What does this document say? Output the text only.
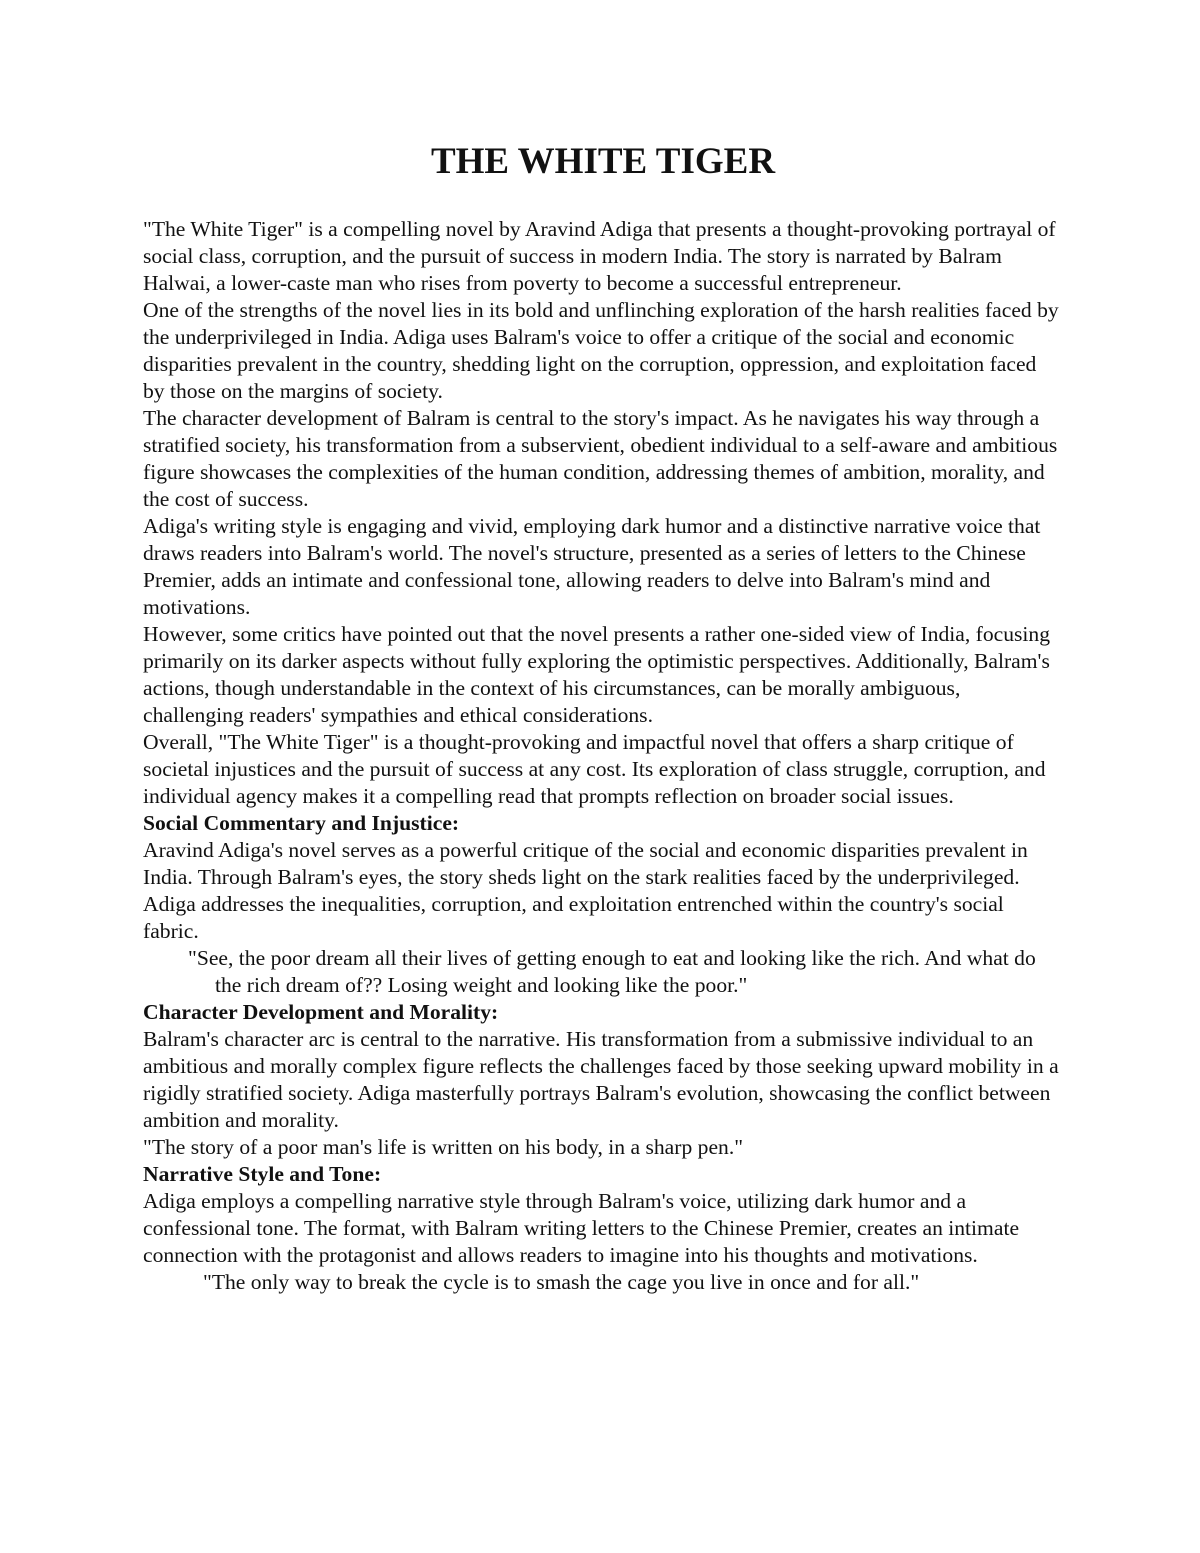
THE WHITE TIGER

"The White Tiger" is a compelling novel by Aravind Adiga that presents a thought-provoking portrayal of social class, corruption, and the pursuit of success in modern India. The story is narrated by Balram Halwai, a lower-caste man who rises from poverty to become a successful entrepreneur.

One of the strengths of the novel lies in its bold and unflinching exploration of the harsh realities faced by the underprivileged in India. Adiga uses Balram's voice to offer a critique of the social and economic disparities prevalent in the country, shedding light on the corruption, oppression, and exploitation faced by those on the margins of society.

The character development of Balram is central to the story's impact. As he navigates his way through a stratified society, his transformation from a subservient, obedient individual to a self-aware and ambitious figure showcases the complexities of the human condition, addressing themes of ambition, morality, and the cost of success.

Adiga's writing style is engaging and vivid, employing dark humor and a distinctive narrative voice that draws readers into Balram's world. The novel's structure, presented as a series of letters to the Chinese Premier, adds an intimate and confessional tone, allowing readers to delve into Balram's mind and motivations.

However, some critics have pointed out that the novel presents a rather one-sided view of India, focusing primarily on its darker aspects without fully exploring the optimistic perspectives. Additionally, Balram's actions, though understandable in the context of his circumstances, can be morally ambiguous, challenging readers' sympathies and ethical considerations.

Overall, "The White Tiger" is a thought-provoking and impactful novel that offers a sharp critique of societal injustices and the pursuit of success at any cost. Its exploration of class struggle, corruption, and individual agency makes it a compelling read that prompts reflection on broader social issues.

Social Commentary and Injustice:

Aravind Adiga's novel serves as a powerful critique of the social and economic disparities prevalent in India. Through Balram's eyes, the story sheds light on the stark realities faced by the underprivileged. Adiga addresses the inequalities, corruption, and exploitation entrenched within the country's social fabric.

"See, the poor dream all their lives of getting enough to eat and looking like the rich. And what dothe rich dream of?? Losing weight and looking like the poor."

Character Development and Morality:

Balram's character arc is central to the narrative. His transformation from a submissive individual to an ambitious and morally complex figure reflects the challenges faced by those seeking upward mobility in a rigidly stratified society. Adiga masterfully portrays Balram's evolution, showcasing the conflict between ambition and morality.

"The story of a poor man's life is written on his body, in a sharp pen."

Narrative Style and Tone:

Adiga employs a compelling narrative style through Balram's voice, utilizing dark humor and a confessional tone. The format, with Balram writing letters to the Chinese Premier, creates an intimate connection with the protagonist and allows readers to imagine into his thoughts and motivations.

"The only way to break the cycle is to smash the cage you live in once and for all."
